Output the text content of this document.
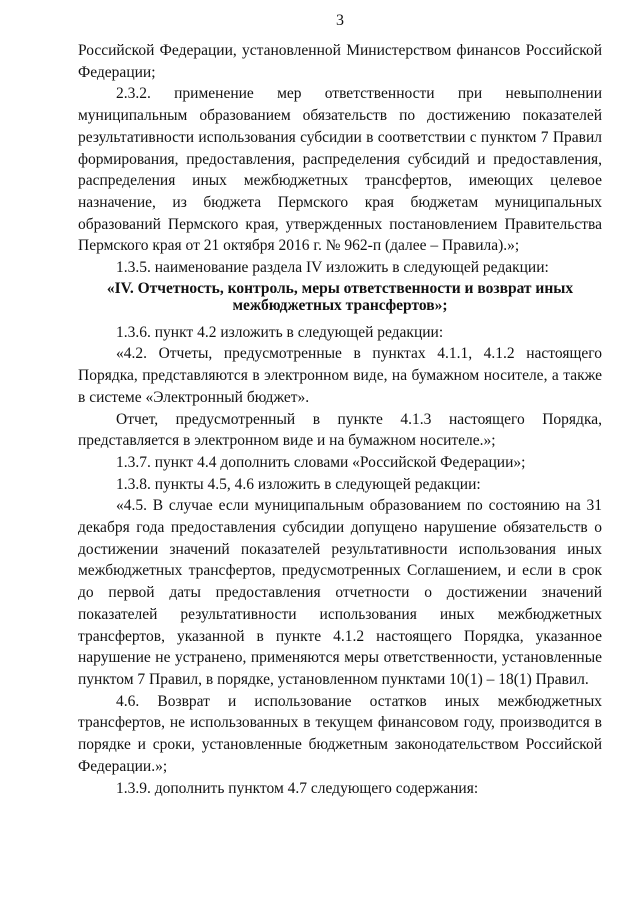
3

Российской Федерации, установленной Министерством финансов Российской Федерации;

2.3.2. применение мер ответственности при невыполнении муниципальным образованием обязательств по достижению показателей результативности использования субсидии в соответствии с пунктом 7 Правил формирования, предоставления, распределения субсидий и предоставления, распределения иных межбюджетных трансфертов, имеющих целевое назначение, из бюджета Пермского края бюджетам муниципальных образований Пермского края, утвержденных постановлением Правительства Пермского края от 21 октября 2016 г. № 962-п (далее – Правила).»;

1.3.5. наименование раздела IV изложить в следующей редакции:

«IV. Отчетность, контроль, меры ответственности и возврат иных межбюджетных трансфертов»;

1.3.6. пункт 4.2 изложить в следующей редакции:

«4.2. Отчеты, предусмотренные в пунктах 4.1.1, 4.1.2 настоящего Порядка, представляются в электронном виде, на бумажном носителе, а также в системе «Электронный бюджет».

Отчет, предусмотренный в пункте 4.1.3 настоящего Порядка, представляется в электронном виде и на бумажном носителе.»;

1.3.7. пункт 4.4 дополнить словами «Российской Федерации»;

1.3.8. пункты 4.5, 4.6 изложить в следующей редакции:

«4.5. В случае если муниципальным образованием по состоянию на 31 декабря года предоставления субсидии допущено нарушение обязательств о достижении значений показателей результативности использования иных межбюджетных трансфертов, предусмотренных Соглашением, и если в срок до первой даты предоставления отчетности о достижении значений показателей результативности использования иных межбюджетных трансфертов, указанной в пункте 4.1.2 настоящего Порядка, указанное нарушение не устранено, применяются меры ответственности, установленные пунктом 7 Правил, в порядке, установленном пунктами 10(1) – 18(1) Правил.

4.6. Возврат и использование остатков иных межбюджетных трансфертов, не использованных в текущем финансовом году, производится в порядке и сроки, установленные бюджетным законодательством Российской Федерации.»;

1.3.9. дополнить пунктом 4.7 следующего содержания:
